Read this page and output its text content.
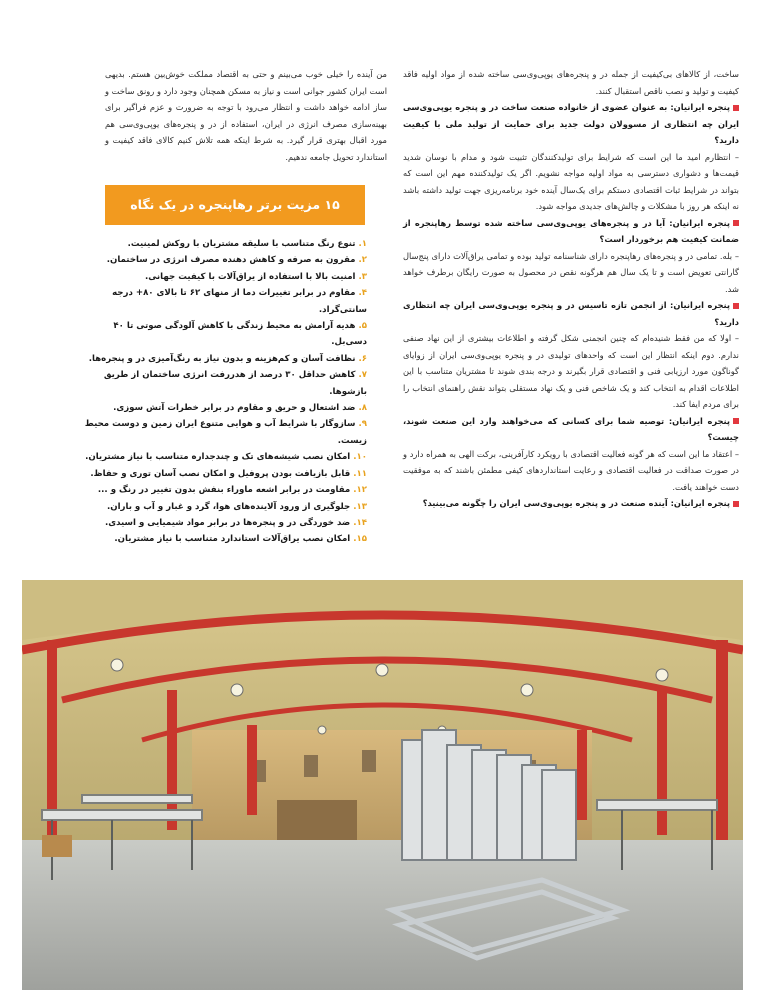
ساخت، از کالاهای بی‌کیفیت از جمله در و پنجره‌های یوپی‌وی‌سی ساخته شده از مواد اولیه فاقد کیفیت و تولید و نصب ناقص استقبال کنند.

پنجره ایرانیان: به عنوان عضوی از خانواده صنعت ساخت در و پنجره یوپی‌وی‌سی ایران چه انتظاری از مسوولان دولت جدید برای حمایت از تولید ملی با کیفیت دارید؟

– انتظارم امید ما این است که شرایط برای تولیدکنندگان تثبیت شود و مدام با نوسان شدید قیمت‌ها و دشواری دسترسی به مواد اولیه مواجه نشویم. اگر یک تولیدکننده مهم این است که بتواند در شرایط ثبات اقتصادی دستکم برای یک‌سال آینده خود برنامه‌ریزی جهت تولید داشته باشد نه اینکه هر روز با مشکلات و چالش‌های جدیدی مواجه شود.

پنجره ایرانیان: آیا در و پنجره‌های یوپی‌وی‌سی ساخته شده توسط رهاپنجره از ضمانت کیفیت هم برخوردار است؟

– بله. تمامی در و پنجره‌های رهاپنجره دارای شناسنامه تولید بوده و تمامی یراق‌آلات دارای پنج‌سال گارانتی تعویض است و تا یک سال هم هرگونه نقص در محصول به صورت رایگان برطرف خواهد شد.

پنجره ایرانیان: از انجمن تازه تاسیس در و پنجره یوپی‌وی‌سی ایران چه انتظاری دارید؟

– اولا که من فقط شنیده‌ام که چنین انجمنی شکل گرفته و اطلاعات بیشتری از این نهاد صنفی ندارم. دوم اینکه انتظار این است که واحدهای تولیدی در و پنجره یوپی‌وی‌سی ایران از زوایای گوناگون مورد ارزیابی فنی و اقتصادی قرار بگیرند و درجه بندی شوند تا مشتریان متناسب با این اطلاعات اقدام به انتخاب کند و یک شاخص فنی و یک نهاد مستقلی بتواند نقش راهنمای انتخاب را برای مردم ایفا کند.

پنجره ایرانیان: توصیه شما برای کسانی که می‌خواهند وارد این صنعت شوند، چیست؟

– اعتقاد ما این است که هر گونه فعالیت اقتصادی با رویکرد کارآفرینی، برکت الهی به همراه دارد و در صورت صداقت در فعالیت اقتصادی و رعایت استانداردهای کیفی مطمئن باشند که به موفقیت دست خواهند یافت.

پنجره ایرانیان: آینده صنعت در و پنجره یوپی‌وی‌سی ایران را چگونه می‌بینید؟

من آینده را خیلی خوب می‌بینم و حتی به اقتصاد مملکت خوش‌بین هستم. بدیهی است ایران کشور جوانی است و نیاز به مسکن همچنان وجود دارد و رونق ساخت و ساز ادامه خواهد داشت و انتظار می‌رود با توجه به ضرورت و عزم فراگیر برای بهینه‌سازی مصرف انرژی در ایران، استفاده از در و پنجره‌های یوپی‌وی‌سی هم مورد اقبال بهتری قرار گیرد. به شرط اینکه همه تلاش کنیم کالای فاقد کیفیت و استاندارد تحویل جامعه ندهیم.

۱۵ مزیت برتر رهاپنجره در یک نگاه
۱. تنوع رنگ متناسب با سلیقه مشتریان با روکش لمینیت.
۲. مقرون به صرفه و کاهش دهنده مصرف انرژی در ساختمان.
۳. امنیت بالا با استفاده از یراق‌آلات با کیفیت جهانی.
۴. مقاوم در برابر تغییرات دما از منهای ۶۲ تا بالای ۸۰+ درجه سانتی‌گراد.
۵. هدیه آرامش به محیط زندگی با کاهش آلودگی صوتی تا ۴۰ دسی‌بل.
۶. نظافت آسان و کم‌هزینه و بدون نیاز به رنگ‌آمیزی در و پنجره‌ها.
۷. کاهش حداقل ۳۰ درصد از هدررفت انرژی ساختمان از طریق بازشوها.
۸. ضد اشتعال و حریق و مقاوم در برابر خطرات آتش سوزی.
۹. سازوگار با شرایط آب و هوایی متنوع ایران زمین و دوست محیط زیست.
۱۰. امکان نصب شیشه‌های تک و چندجداره متناسب با نیاز مشتریان.
۱۱. قابل بازیافت بودن پروفیل و امکان نصب آسان توری و حفاظ.
۱۲. مقاومت در برابر اشعه ماوراء بنفش بدون تغییر در رنگ و ...
۱۳. جلوگیری از ورود آلاینده‌های هوا، گرد و غبار و آب و باران.
۱۴. ضد خوردگی در و پنجره‌ها در برابر مواد شیمیایی و اسیدی.
۱۵. امکان نصب یراق‌آلات استاندارد متناسب با نیاز مشتریان.
